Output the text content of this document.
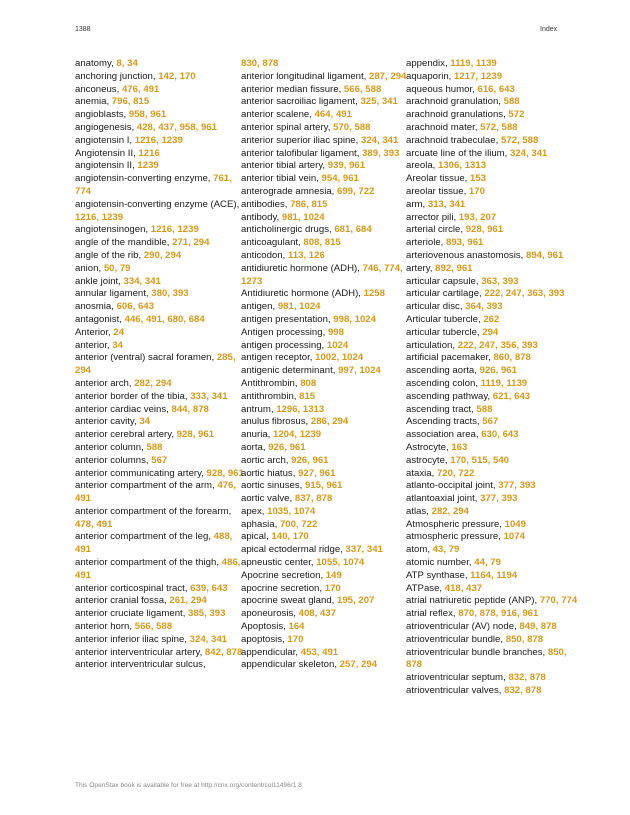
1388	Index
anatomy, 8, 34
anchoring junction, 142, 170
anconeus, 476, 491
anemia, 796, 815
angioblasts, 958, 961
angiogenesis, 428, 437, 958, 961
angiotensin I, 1216, 1239
Angiotensin II, 1216
angiotensin II, 1239
angiotensin-converting enzyme, 761, 774
angiotensin-converting enzyme (ACE), 1216, 1239
angiotensinogen, 1216, 1239
angle of the mandible, 271, 294
angle of the rib, 290, 294
anion, 50, 79
ankle joint, 334, 341
annular ligament, 380, 393
anosmia, 606, 643
antagonist, 446, 491, 680, 684
Anterior, 24
anterior, 34
anterior (ventral) sacral foramen, 285, 294
anterior arch, 282, 294
anterior border of the tibia, 333, 341
anterior cardiac veins, 844, 878
anterior cavity, 34
anterior cerebral artery, 928, 961
anterior column, 588
anterior columns, 567
anterior communicating artery, 928, 961
anterior compartment of the arm, 476, 491
anterior compartment of the forearm, 478, 491
anterior compartment of the leg, 488, 491
anterior compartment of the thigh, 486, 491
anterior corticospinal tract, 639, 643
anterior cranial fossa, 261, 294
anterior cruciate ligament, 385, 393
anterior horn, 566, 588
anterior inferior iliac spine, 324, 341
anterior interventricular artery, 842, 878
anterior interventricular sulcus,
830, 878
anterior longitudinal ligament, 287, 294
anterior median fissure, 566, 588
anterior sacroiliac ligament, 325, 341
anterior scalene, 464, 491
anterior spinal artery, 570, 588
anterior superior iliac spine, 324, 341
anterior talofibular ligament, 389, 393
anterior tibial artery, 939, 961
anterior tibial vein, 954, 961
anterograde amnesia, 699, 722
antibodies, 786, 815
antibody, 981, 1024
anticholinergic drugs, 681, 684
anticoagulant, 808, 815
anticodon, 113, 126
antidiuretic hormone (ADH), 746, 774, 1273
Antidiuretic hormone (ADH), 1258
antigen, 981, 1024
antigen presentation, 998, 1024
Antigen processing, 998
antigen processing, 1024
antigen receptor, 1002, 1024
antigenic determinant, 997, 1024
Antithrombin, 808
antithrombin, 815
antrum, 1296, 1313
anulus fibrosus, 286, 294
anuria, 1204, 1239
aorta, 926, 961
aortic arch, 926, 961
aortic hiatus, 927, 961
aortic sinuses, 915, 961
aortic valve, 837, 878
apex, 1035, 1074
aphasia, 700, 722
apical, 140, 170
apical ectodermal ridge, 337, 341
apneustic center, 1055, 1074
Apocrine secretion, 149
apocrine secretion, 170
apocrine sweat gland, 195, 207
aponeurosis, 408, 437
Apoptosis, 164
apoptosis, 170
appendicular, 453, 491
appendicular skeleton, 257, 294
appendix, 1119, 1139
aquaporin, 1217, 1239
aqueous humor, 616, 643
arachnoid granulation, 588
arachnoid granulations, 572
arachnoid mater, 572, 588
arachnoid trabeculae, 572, 588
arcuate line of the ilium, 324, 341
areola, 1306, 1313
Areolar tissue, 153
areolar tissue, 170
arm, 313, 341
arrector pili, 193, 207
arterial circle, 928, 961
arteriole, 893, 961
arteriovenous anastomosis, 894, 961
artery, 892, 961
articular capsule, 363, 393
articular cartilage, 222, 247, 363, 393
articular disc, 364, 393
Articular tubercle, 262
articular tubercle, 294
articulation, 222, 247, 356, 393
artificial pacemaker, 860, 878
ascending aorta, 926, 961
ascending colon, 1119, 1139
ascending pathway, 621, 643
ascending tract, 588
Ascending tracts, 567
association area, 630, 643
Astrocyte, 163
astrocyte, 170, 515, 540
ataxia, 720, 722
atlanto-occipital joint, 377, 393
atlantoaxial joint, 377, 393
atlas, 282, 294
Atmospheric pressure, 1049
atmospheric pressure, 1074
atom, 43, 79
atomic number, 44, 79
ATP synthase, 1164, 1194
ATPase, 418, 437
atrial natriuretic peptide (ANP), 770, 774
atrial reflex, 870, 878, 916, 961
atrioventricular (AV) node, 849, 878
atrioventricular bundle, 850, 878
atrioventricular bundle branches, 850, 878
atrioventricular septum, 832, 878
atrioventricular valves, 832, 878
This OpenStax book is available for free at http://cnx.org/content/col11496/1.8
